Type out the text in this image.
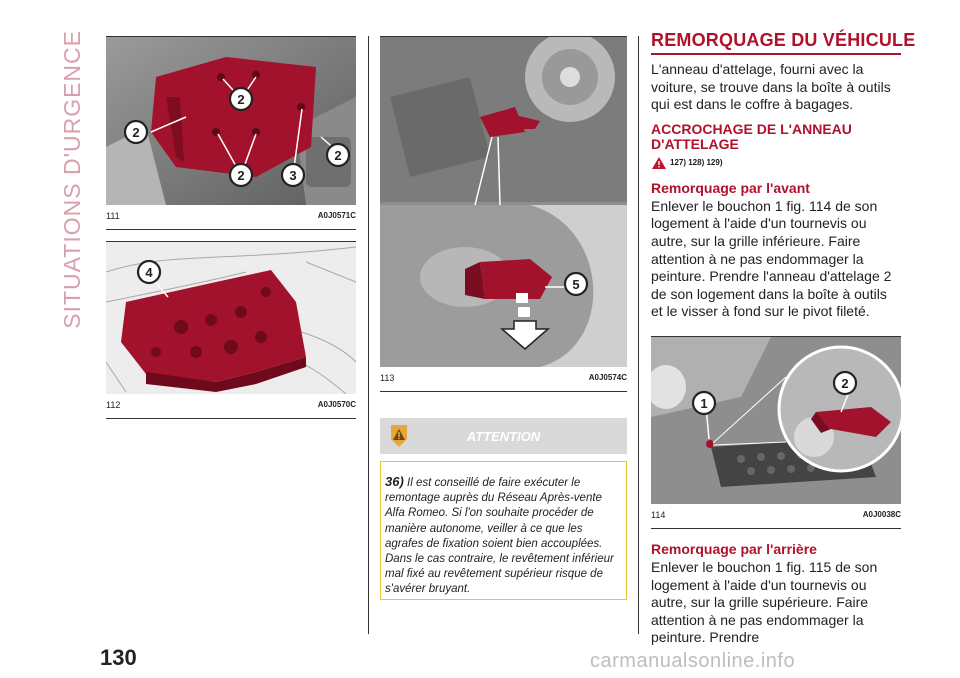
SITUATIONS D'URGENCE	2
2
2	3
2
111	A0J0571C
4
112	A0J0570C
5
113	A0J0574C
ATTENTION
36) Il est conseillé de faire exécuter le remontage auprès du Réseau Après-vente Alfa Romeo. Si l'on souhaite procéder de manière autonome, veiller à ce que les agrafes de fixation soient bien accouplées. Dans le cas contraire, le revêtement inférieur mal fixé au revêtement supérieur risque de s'avérer bruyant.
REMORQUAGE DU VÉHICULE

L'anneau d'attelage, fourni avec la voiture, se trouve dans la boîte à outils qui est dans le coffre à bagages.

ACCROCHAGE DE L'ANNEAU
D'ATTELAGE
127) 128) 129)
Remorquage par l'avant

Enlever le bouchon 1 fig. 114 de son logement à l'aide d'un tournevis ou autre, sur la grille inférieure. Faire attention à ne pas endommager la peinture. Prendre l'anneau d'attelage 2 de son logement dans la boîte à outils et le visser à fond sur le pivot fileté.

1
2
114	A0J0038C
Remorquage par l'arrière

Enlever le bouchon 1 fig. 115 de son logement à l'aide d'un tournevis ou autre, sur la grille supérieure. Faire attention à ne pas endommager la peinture. Prendre

130	carmanualsonline.info
